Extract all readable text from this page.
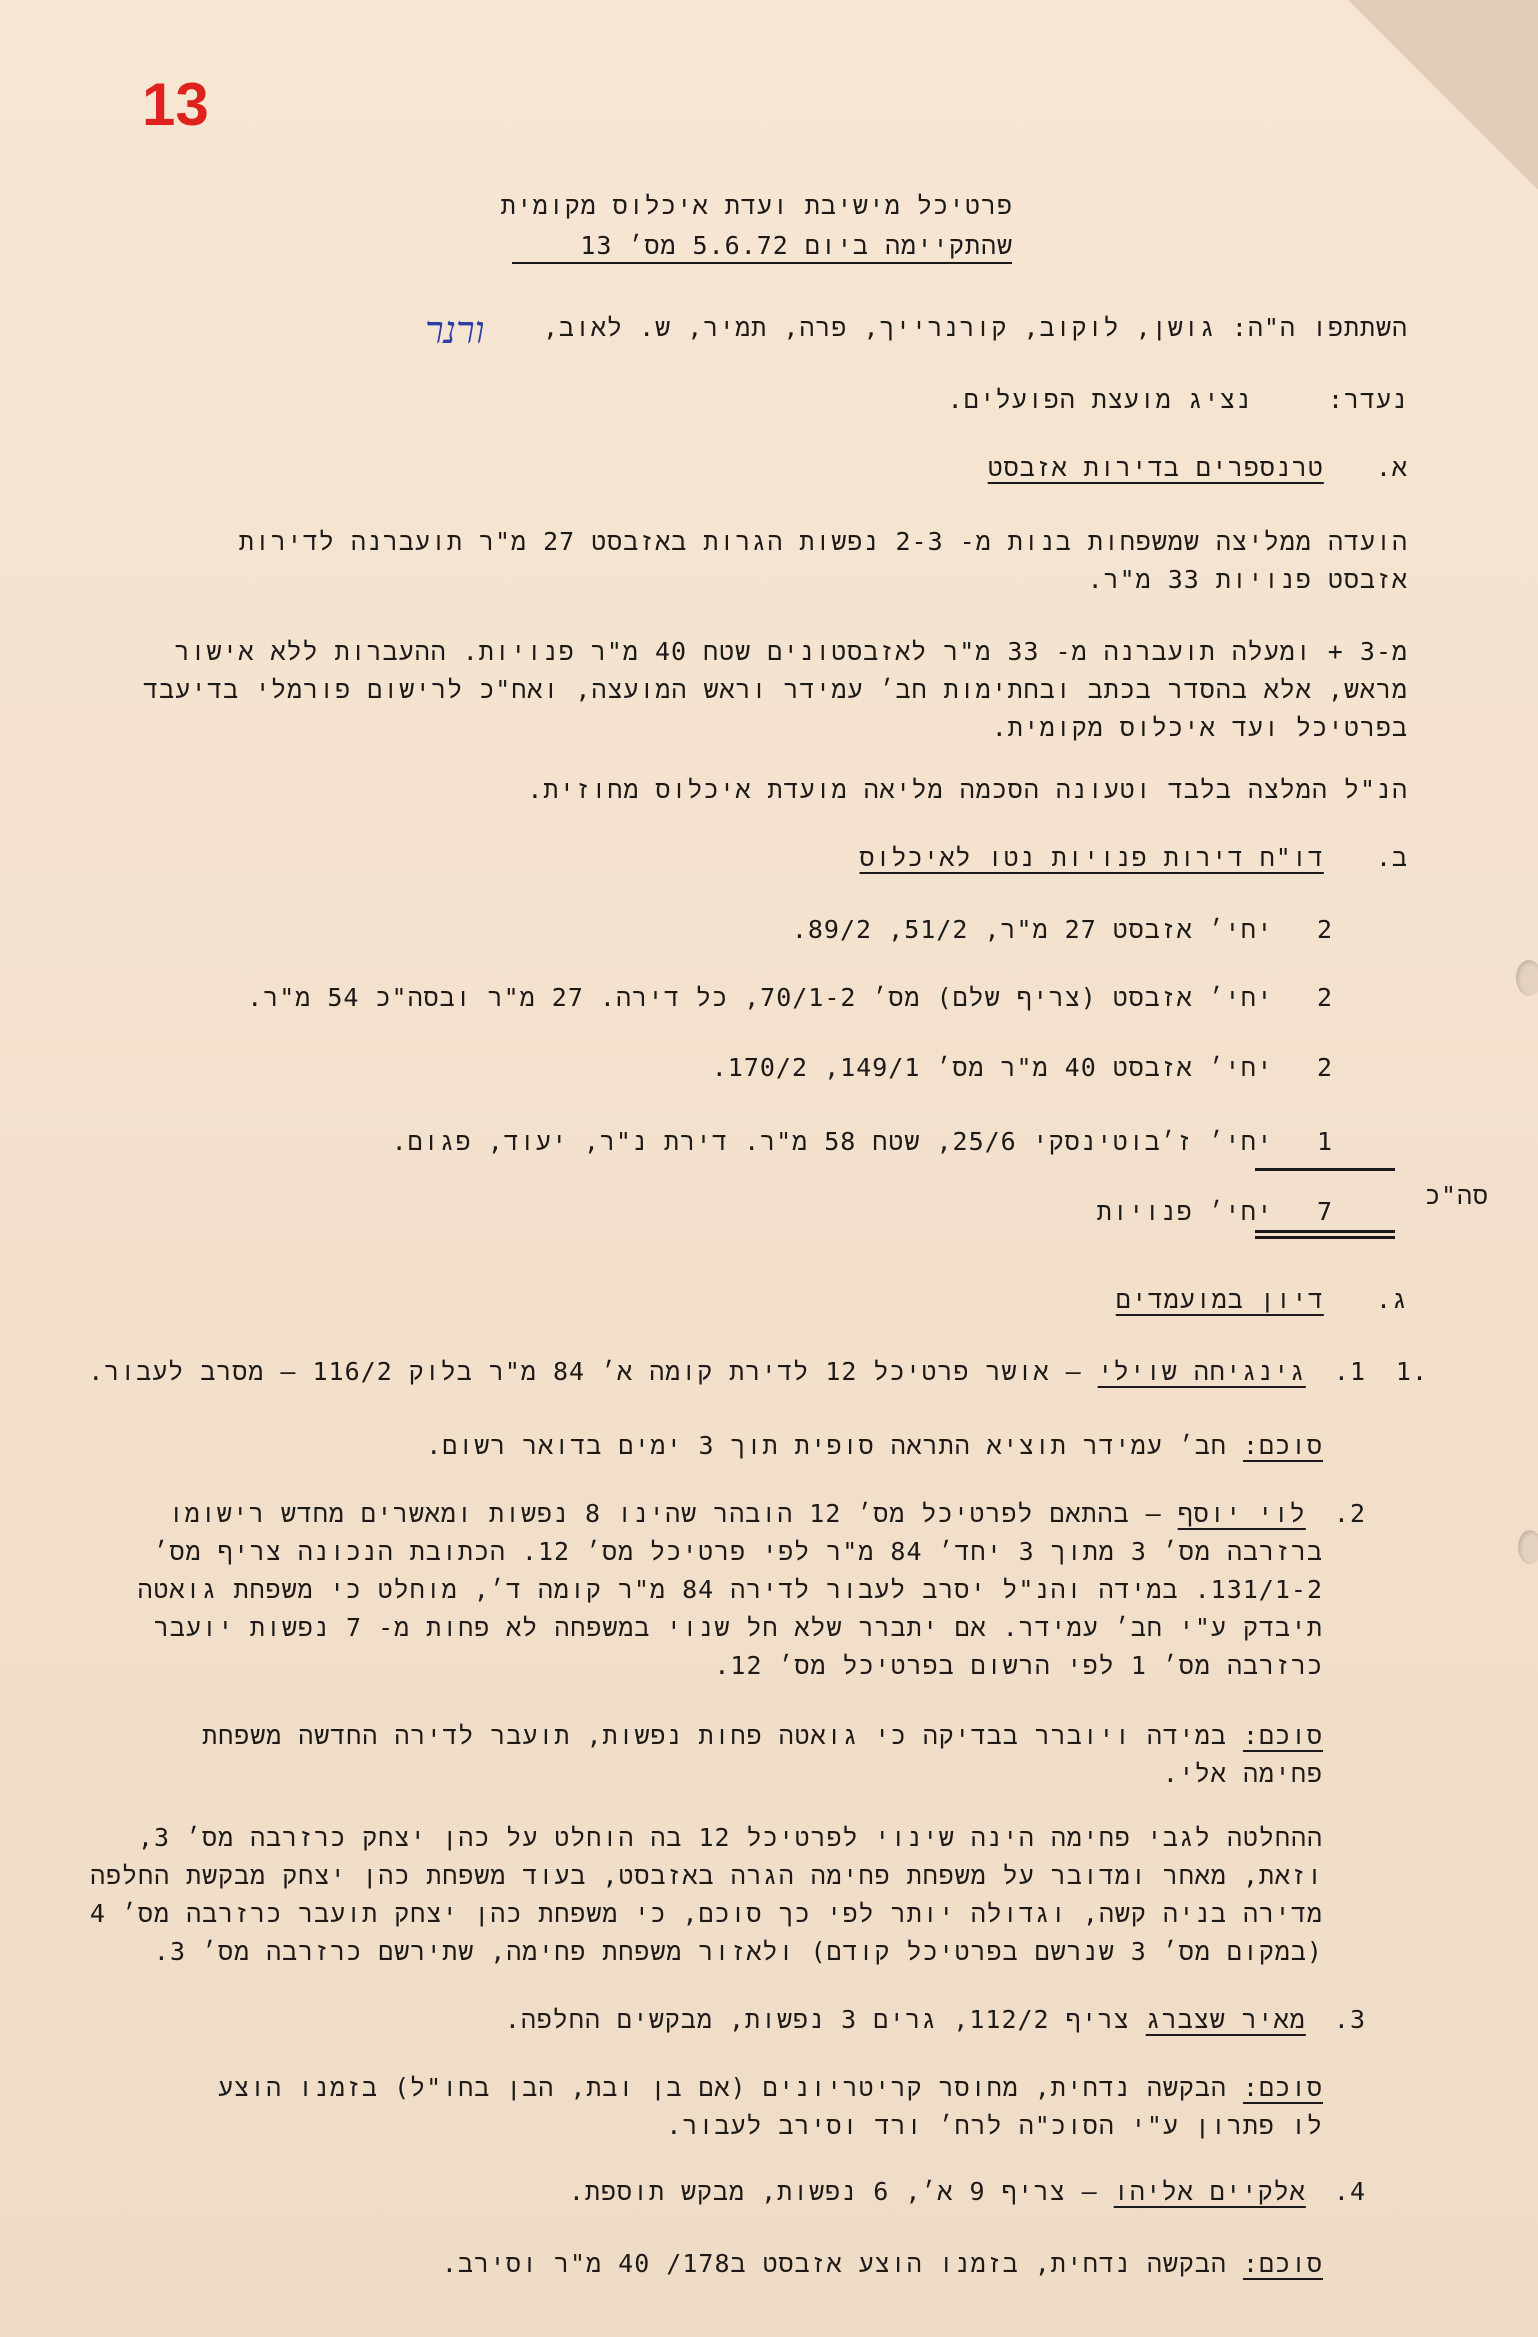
13
פרטיכל מישיבת ועדת איכלוס מקומית
שהתקיימה ביום 5.6.72 מס׳ 13
השתתפו ה"ה: גושן, לוקוב, קורנרייך, פרה, תמיר, ש. לאוב,
ורנר
נעדר: נציג מועצת הפועלים.
א. טרנספרים בדירות אזבסט
הועדה ממליצה שמשפחות בנות מ- 2-3 נפשות הגרות באזבסט 27 מ"ר תועברנה לדירות
אזבסט פנויות 33 מ"ר.
מ-3 + ומעלה תועברנה מ- 33 מ"ר לאזבסטונים שטח 40 מ"ר פנויות. ההעברות ללא אישור
מראש, אלא בהסדר בכתב ובחתימות חב׳ עמידר וראש המועצה, ואח"כ לרישום פורמלי בדיעבד
בפרטיכל ועד איכלוס מקומית.
הנ"ל המלצה בלבד וטעונה הסכמה מליאה מועדת איכלוס מחוזית.
ב. דו"ח דירות פנויות נטו לאיכלוס
2 יחי׳ אזבסט 27 מ"ר, 51/2, 89/2.
2 יחי׳ אזבסט (צריף שלם) מס׳ 70/1-2, כל דירה. 27 מ"ר ובסה"כ 54 מ"ר.
2 יחי׳ אזבסט 40 מ"ר מס׳ 149/1, 170/2.
1 יחי׳ ז׳בוטינסקי 25/6, שטח 58 מ"ר. דירת נ"ר, יעוד, פגום.
סה"כ
7 יחי׳ פנויות
ג. דיון במועמדים
1.
1. גינגיחה שוילי – אושר פרטיכל 12 לדירת קומה א׳ 84 מ"ר בלוק 116/2 – מסרב לעבור.
סוכם: חב׳ עמידר תוציא התראה סופית תוך 3 ימים בדואר רשום.
2. לוי יוסף – בהתאם לפרטיכל מס׳ 12 הובהר שהינו 8 נפשות ומאשרים מחדש רישומו
ברזרבה מס׳ 3 מתוך 3 יחד׳ 84 מ"ר לפי פרטיכל מס׳ 12. הכתובת הנכונה צריף מס׳
131/1-2. במידה והנ"ל יסרב לעבור לדירה 84 מ"ר קומה ד׳, מוחלט כי משפחת גואטה
תיבדק ע"י חב׳ עמידר. אם יתברר שלא חל שנוי במשפחה לא פחות מ- 7 נפשות יועבר
כרזרבה מס׳ 1 לפי הרשום בפרטיכל מס׳ 12.
סוכם: במידה ויוברר בבדיקה כי גואטה פחות נפשות, תועבר לדירה החדשה משפחת
פחימה אלי.
ההחלטה לגבי פחימה הינה שינוי לפרטיכל 12 בה הוחלט על כהן יצחק כרזרבה מס׳ 3,
וזאת, מאחר ומדובר על משפחת פחימה הגרה באזבסט, בעוד משפחת כהן יצחק מבקשת החלפה
מדירה בניה קשה, וגדולה יותר לפי כך סוכם, כי משפחת כהן יצחק תועבר כרזרבה מס׳ 4
(במקום מס׳ 3 שנרשם בפרטיכל קודם) ולאזור משפחת פחימה, שתירשם כרזרבה מס׳ 3.
3. מאיר שצברג צריף 112/2, גרים 3 נפשות, מבקשים החלפה.
סוכם: הבקשה נדחית, מחוסר קריטריונים (אם בן ובת, הבן בחו"ל) בזמנו הוצע
לו פתרון ע"י הסוכ"ה לרח׳ ורד וסירב לעבור.
4. אלקיים אליהו – צריף 9 א׳, 6 נפשות, מבקש תוספת.
סוכם: הבקשה נדחית, בזמנו הוצע אזבסט ב178/ 40 מ"ר וסירב.
